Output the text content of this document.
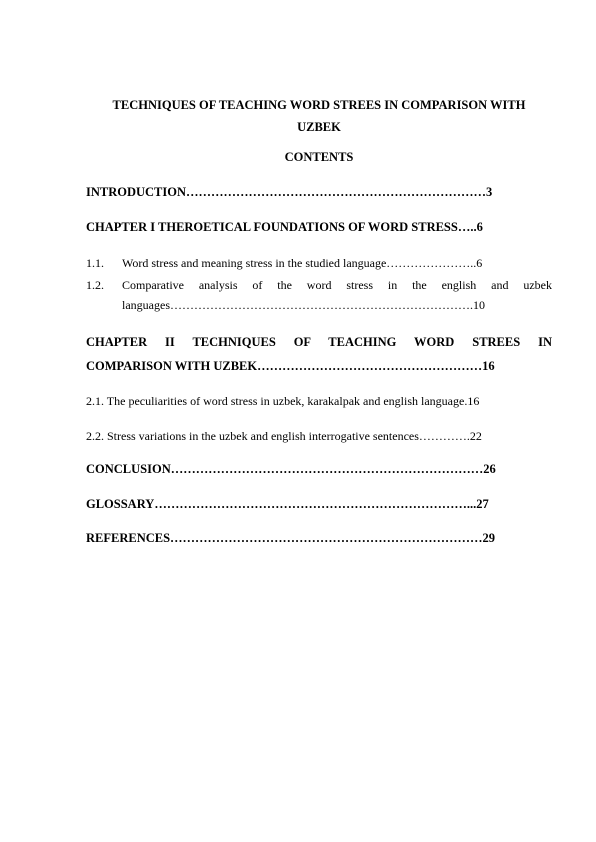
TECHNIQUES OF TEACHING WORD STREES IN COMPARISON WITH
UZBEK
CONTENTS
INTRODUCTION………………………………………………………………3
CHAPTER I THEROETICAL FOUNDATIONS OF WORD STRESS…..6
1.1. Word stress and meaning stress in the studied language…………………..6
1.2. Comparative analysis of the word stress in the english and uzbek
languages………………………………………………………………….10
CHAPTER II TECHNIQUES OF TEACHING WORD STREES IN
COMPARISON WITH UZBEK………………………………………………16
2.1. The peculiarities of word stress in uzbek, karakalpak and english language.16
2.2. Stress variations in the uzbek and english interrogative sentences………….22
CONCLUSION…………………………………………………………………26
GLOSSARY…………………………………………………………………...27
REFERENCES…………………………………………………………………29
